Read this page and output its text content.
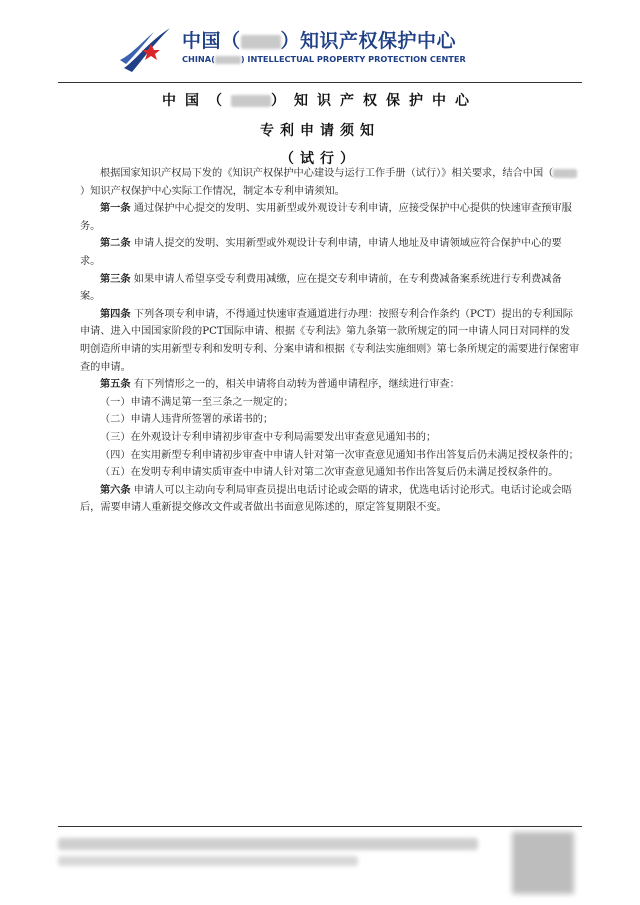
中国（ ）知识产权保护中心
CHINA(	) INTELLECTUAL PROPERTY PROTECTION CENTER
中国（	）知识产权保护中心
专利申请须知
（试行）

根据国家知识产权局下发的《知识产权保护中心建设与运行工作手册（试行）》相关要求，结合中国（）知识产权保护中心实际工作情况，制定本专利申请须知。

第一条 通过保护中心提交的发明、实用新型或外观设计专利申请，应接受保护中心提供的快速审查预审服务。

第二条 申请人提交的发明、实用新型或外观设计专利申请，申请人地址及申请领域应符合保护中心的要求。

第三条 如果申请人希望享受专利费用减缴，应在提交专利申请前，在专利费减备案系统进行专利费减备案。

第四条 下列各项专利申请，不得通过快速审查通道进行办理：按照专利合作条约（PCT）提出的专利国际申请、进入中国国家阶段的PCT国际申请、根据《专利法》第九条第一款所规定的同一申请人同日对同样的发明创造所申请的实用新型专利和发明专利、分案申请和根据《专利法实施细则》第七条所规定的需要进行保密审查的申请。

第五条 有下列情形之一的，相关申请将自动转为普通申请程序，继续进行审查：

（一）申请不满足第一至三条之一规定的；

（二）申请人违背所签署的承诺书的；

（三）在外观设计专利申请初步审查中专利局需要发出审查意见通知书的；

（四）在实用新型专利申请初步审查中申请人针对第一次审查意见通知书作出答复后仍未满足授权条件的；

（五）在发明专利申请实质审查中申请人针对第二次审查意见通知书作出答复后仍未满足授权条件的。

第六条 申请人可以主动向专利局审查员提出电话讨论或会晤的请求，优选电话讨论形式。电话讨论或会晤后，需要申请人重新提交修改文件或者做出书面意见陈述的，原定答复期限不变。
